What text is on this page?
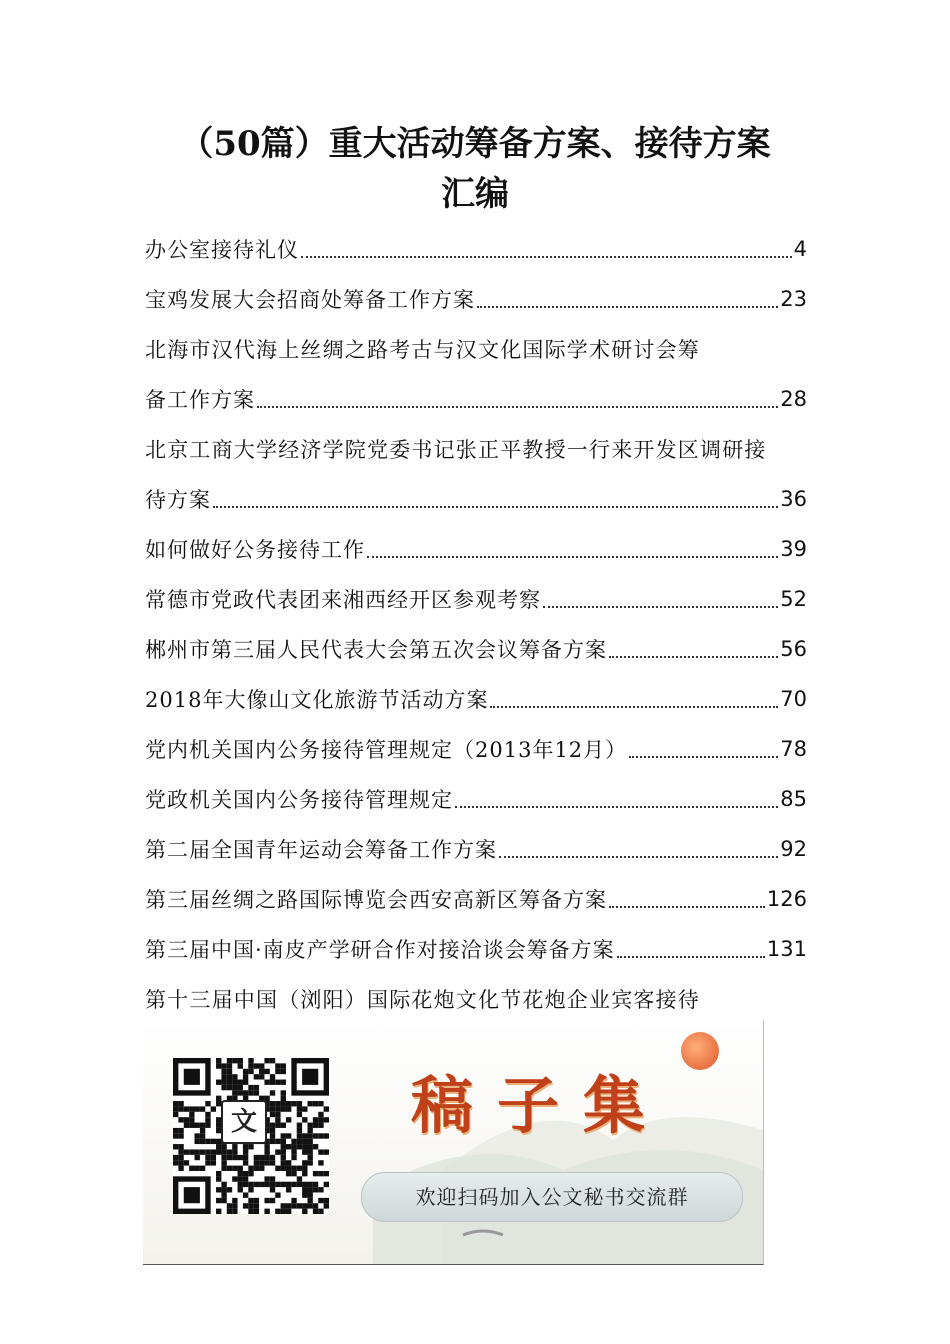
（50篇）重大活动筹备方案、接待方案
汇编
办公室接待礼仪	4
宝鸡发展大会招商处筹备工作方案	23
北海市汉代海上丝绸之路考古与汉文化国际学术研讨会筹
备工作方案	28
北京工商大学经济学院党委书记张正平教授一行来开发区调研接
待方案	36
如何做好公务接待工作	39
常德市党政代表团来湘西经开区参观考察	52
郴州市第三届人民代表大会第五次会议筹备方案	56
2018年大像山文化旅游节活动方案	70
党内机关国内公务接待管理规定（2013年12月）	78
党政机关国内公务接待管理规定	85
第二届全国青年运动会筹备工作方案	92
第三届丝绸之路国际博览会西安高新区筹备方案	126
第三届中国·南皮产学研合作对接洽谈会筹备方案	131
第十三届中国（浏阳）国际花炮文化节花炮企业宾客接待
文 稿子集
欢迎扫码加入公文秘书交流群
